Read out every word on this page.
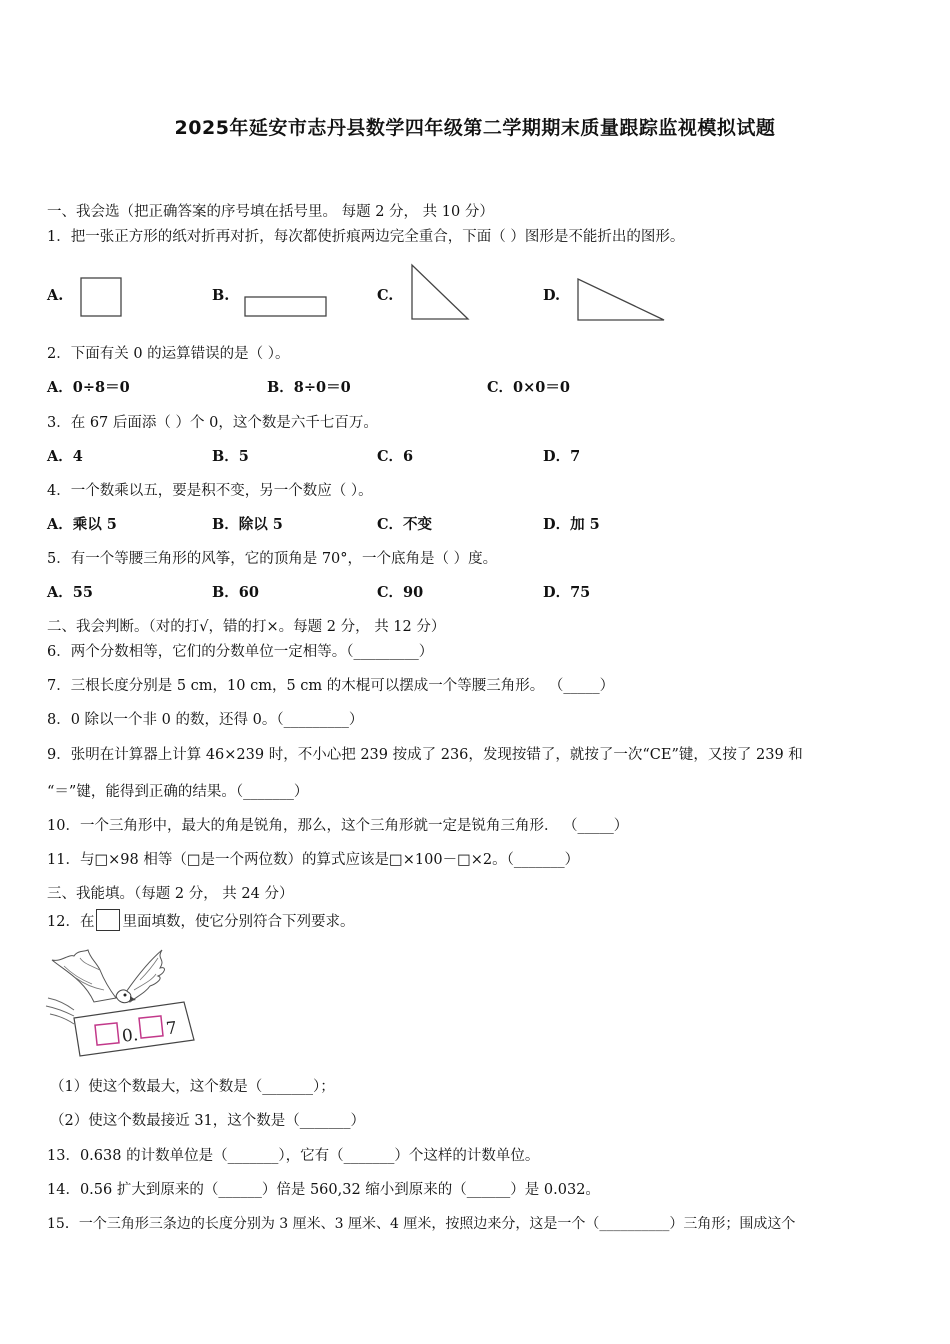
2025年延安市志丹县数学四年级第二学期期末质量跟踪监视模拟试题
一、我会选（把正确答案的序号填在括号里。 每题 2 分， 共 10 分）
1．把一张正方形的纸对折再对折，每次都使折痕两边完全重合，下面（ ）图形是不能折出的图形。
A.	B.	C.	D.
2．下面有关 0 的运算错误的是（ ）。
A．0÷8＝0	B．8÷0＝0	C．0×0＝0
3．在 67 后面添（ ）个 0，这个数是六千七百万。
A．4	B．5	C．6	D．7
4．一个数乘以五，要是积不变，另一个数应（ ）。
A．乘以 5	B．除以 5	C．不变	D．加 5
5．有一个等腰三角形的风筝，它的顶角是 70°，一个底角是（ ）度。
A．55	B．60	C．90	D．75
二、我会判断。（对的打√，错的打×。每题 2 分， 共 12 分）
6．两个分数相等，它们的分数单位一定相等。（_________）
7．三根长度分别是 5 cm，10 cm，5 cm 的木棍可以摆成一个等腰三角形。 （_____）
8．0 除以一个非 0 的数，还得 0。（_________）
9．张明在计算器上计算 46×239 时，不小心把 239 按成了 236，发现按错了，就按了一次“CE”键，又按了 239 和
“＝”键，能得到正确的结果。（_______）
10．一个三角形中，最大的角是锐角，那么，这个三角形就一定是锐角三角形． （_____）
11．与□×98 相等（□是一个两位数）的算式应该是□×100－□×2。（_______）
三、我能填。（每题 2 分， 共 24 分）
12．在 里面填数，使它分别符合下列要求。
0. 7
（1）使这个数最大，这个数是（_______）；
（2）使这个数最接近 31，这个数是（_______）
13．0.638 的计数单位是（_______），它有（_______）个这样的计数单位。
14．0.56 扩大到原来的（______）倍是 560,32 缩小到原来的（______）是 0.032。
15．一个三角形三条边的长度分别为 3 厘米、3 厘米、4 厘米，按照边来分，这是一个（__________）三角形；围成这个
